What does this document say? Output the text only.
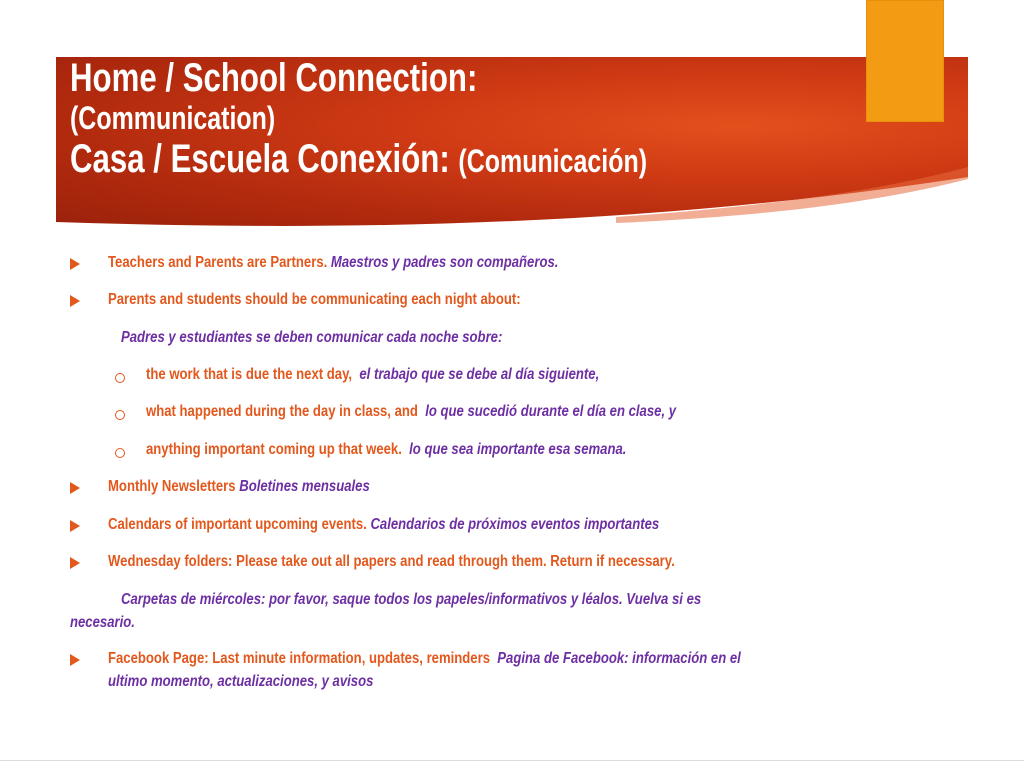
Home / School Connection:
(Communication)
Casa / Escuela Conexión: (Comunicación)
Teachers and Parents are Partners. Maestros y padres son compañeros.
Parents and students should be communicating each night about:
Padres y estudiantes se deben comunicar cada noche sobre:
the work that is due the next day, el trabajo que se debe al día siguiente,
what happened during the day in class, and lo que sucedió durante el día en clase, y
anything important coming up that week. lo que sea importante esa semana.
Monthly Newsletters Boletines mensuales
Calendars of important upcoming events. Calendarios de próximos eventos importantes
Wednesday folders: Please take out all papers and read through them. Return if necessary.
Carpetas de miércoles: por favor, saque todos los papeles/informativos y léalos. Vuelva si es
necesario.
Facebook Page: Last minute information, updates, reminders Pagina de Facebook: información en el
ultimo momento, actualizaciones, y avisos
